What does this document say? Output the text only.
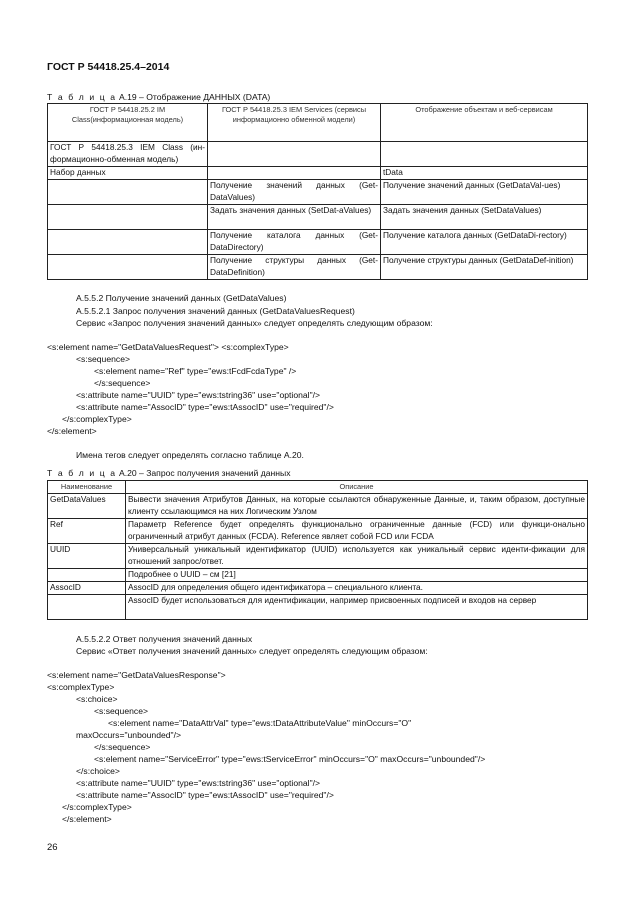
ГОСТ Р 54418.25.4–2014
Т а б л и ц а А.19 – Отображение ДАННЫХ (DATA)
ГОСТ Р 54418.25.2 IM Class(информационная модель)	ГОСТ Р 54418.25.3 IEM Services (сервисы информационно обменной модели)	Отображение объектам и веб-сервисам
ГОСТ Р 54418.25.3 IEM Class (ин-формационно-обменная модель)		
Набор данных		tData
	Получение значений данных (Get-DataValues)	Получение значений данных (GetDataVal-ues)
	Задать значения данных (SetDat-aValues)	Задать значения данных (SetDataValues)
	Получение каталога данных (Get-DataDirectory)	Получение каталога данных (GetDataDi-rectory)
	Получение структуры данных (Get-DataDefinition)	Получение структуры данных (GetDataDef-inition)
А.5.5.2 Получение значений данных (GetDataValues)
А.5.5.2.1 Запрос получения значений данных (GetDataValuesRequest)
Сервис «Запрос получения значений данных» следует определять следующим образом:
<s:element name="GetDataValuesRequest"> <s:complexType>
<s:sequence>
<s:element name="Ref" type="ews:tFcdFcdaType" />
</s:sequence>
<s:attribute name="UUID" type="ews:tstring36" use="optional"/>
<s:attribute name="AssocID" type="ews:tAssocID" use="required"/>
</s:complexType>
</s:element>
Имена тегов следует определять согласно таблице А.20.
Т а б л и ц а А.20 – Запрос получения значений данных
Наименование	Описание
GetDataValues	Вывести значения Атрибутов Данных, на которые ссылаются обнаруженные Данные, и, таким образом, доступные клиенту ссылающимся на них Логическим Узлом
Ref	Параметр Reference будет определять функционально ограниченные данные (FCD) или функци-онально ограниченный атрибут данных (FCDA). Reference являет собой FCD или FCDA
UUID	Универсальный уникальный идентификатор (UUID) используется как уникальный сервис иденти-фикации для отношений запрос/ответ.
	Подробнее о UUID – см [21]
AssocID	AssocID для определения общего идентификатора – специального клиента.
	AssocID будет использоваться для идентификации, например присвоенных подписей и входов на сервер
А.5.5.2.2 Ответ получения значений данных
Сервис «Ответ получения значений данных» следует определять следующим образом:
<s:element name="GetDataValuesResponse">
<s:complexType>
<s:choice>
<s:sequence>
<s:element name="DataAttrVal" type="ews:tDataAttributeValue" minOccurs="O"
maxOccurs="unbounded"/>
</s:sequence>
<s:element name="ServiceError" type="ews:tServiceError" minOccurs="O" maxOccurs="unbounded"/>
</s:choice>
<s:attribute name="UUID" type="ews:tstring36" use="optional"/>
<s:attribute name="AssocID" type="ews:tAssocID" use="required"/>
</s:complexType>
</s:element>
26
